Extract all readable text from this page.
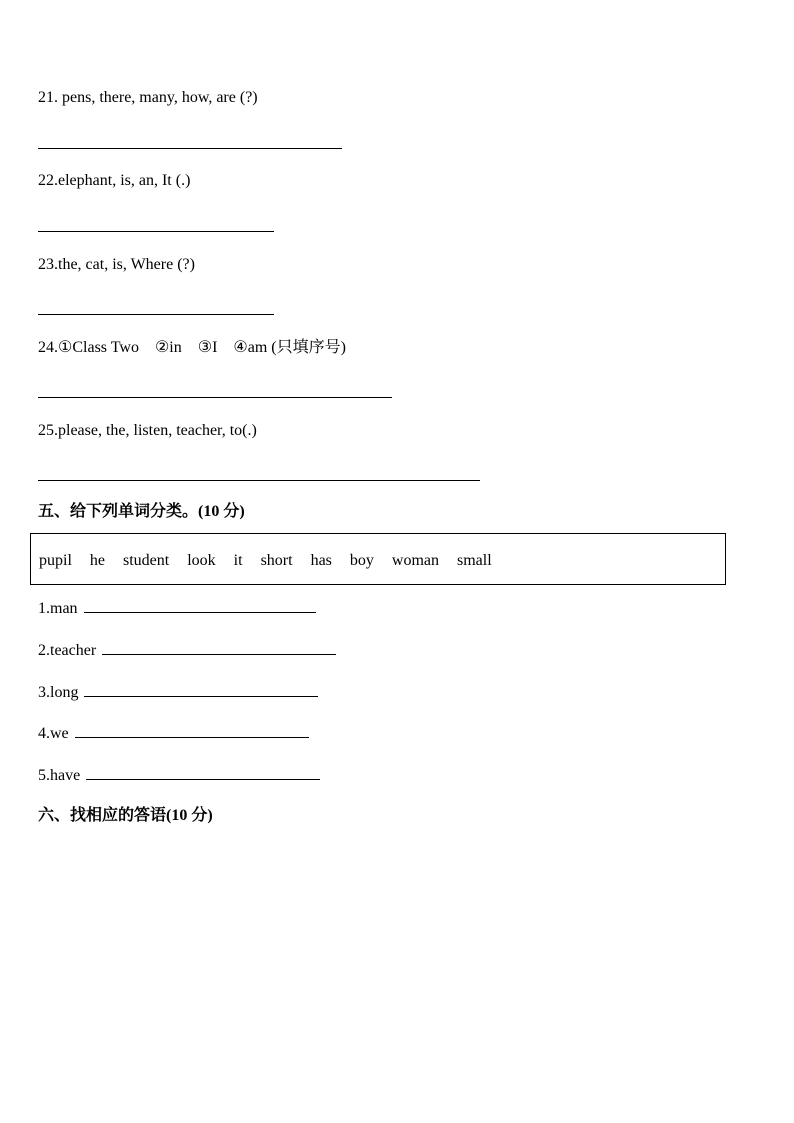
21. pens, there, many, how, are (?)
22.elephant, is, an, It (.)
23.the, cat, is, Where (?)
24.①Class Two    ②in    ③I    ④am (只填序号)
25.please, the, listen, teacher, to(.)
五、给下列单词分类。(10 分)
pupil he student look it short has boy woman small
1.man
2.teacher
3.long
4.we
5.have
六、找相应的答语(10 分)
